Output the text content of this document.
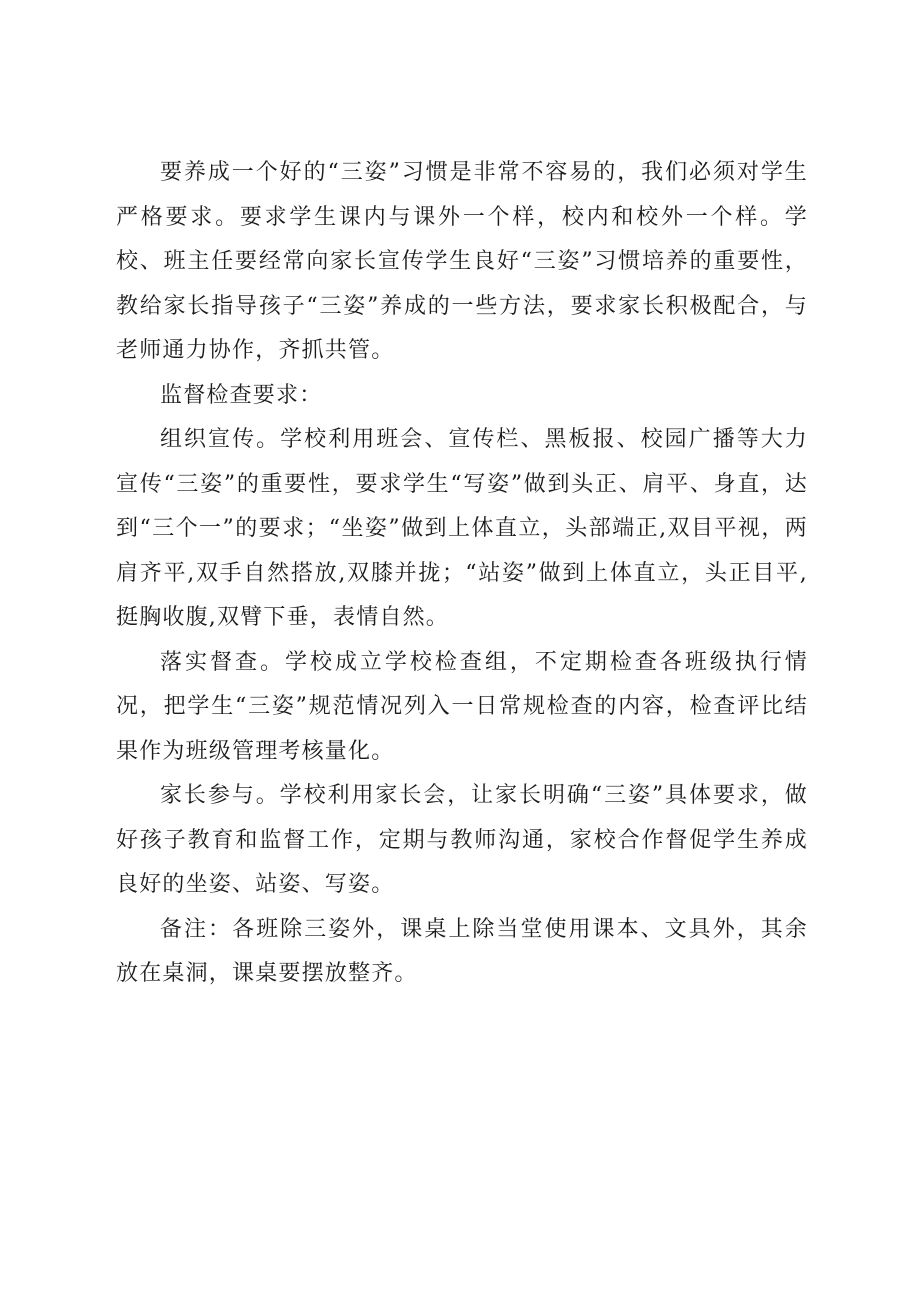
要养成一个好的“三姿”习惯是非常不容易的，我们必须对学生严格要求。要求学生课内与课外一个样，校内和校外一个样。学校、班主任要经常向家长宣传学生良好“三姿”习惯培养的重要性，教给家长指导孩子“三姿”养成的一些方法，要求家长积极配合，与老师通力协作，齐抓共管。

监督检查要求：

组织宣传。学校利用班会、宣传栏、黑板报、校园广播等大力宣传“三姿”的重要性，要求学生“写姿”做到头正、肩平、身直，达到“三个一”的要求；“坐姿”做到上体直立，头部端正,双目平视，两肩齐平,双手自然搭放,双膝并拢；“站姿”做到上体直立，头正目平,挺胸收腹,双臂下垂，表情自然。

落实督查。学校成立学校检查组，不定期检查各班级执行情况，把学生“三姿”规范情况列入一日常规检查的内容，检查评比结果作为班级管理考核量化。

家长参与。学校利用家长会，让家长明确“三姿”具体要求，做好孩子教育和监督工作，定期与教师沟通，家校合作督促学生养成良好的坐姿、站姿、写姿。

备注：各班除三姿外，课桌上除当堂使用课本、文具外，其余放在桌洞，课桌要摆放整齐。
